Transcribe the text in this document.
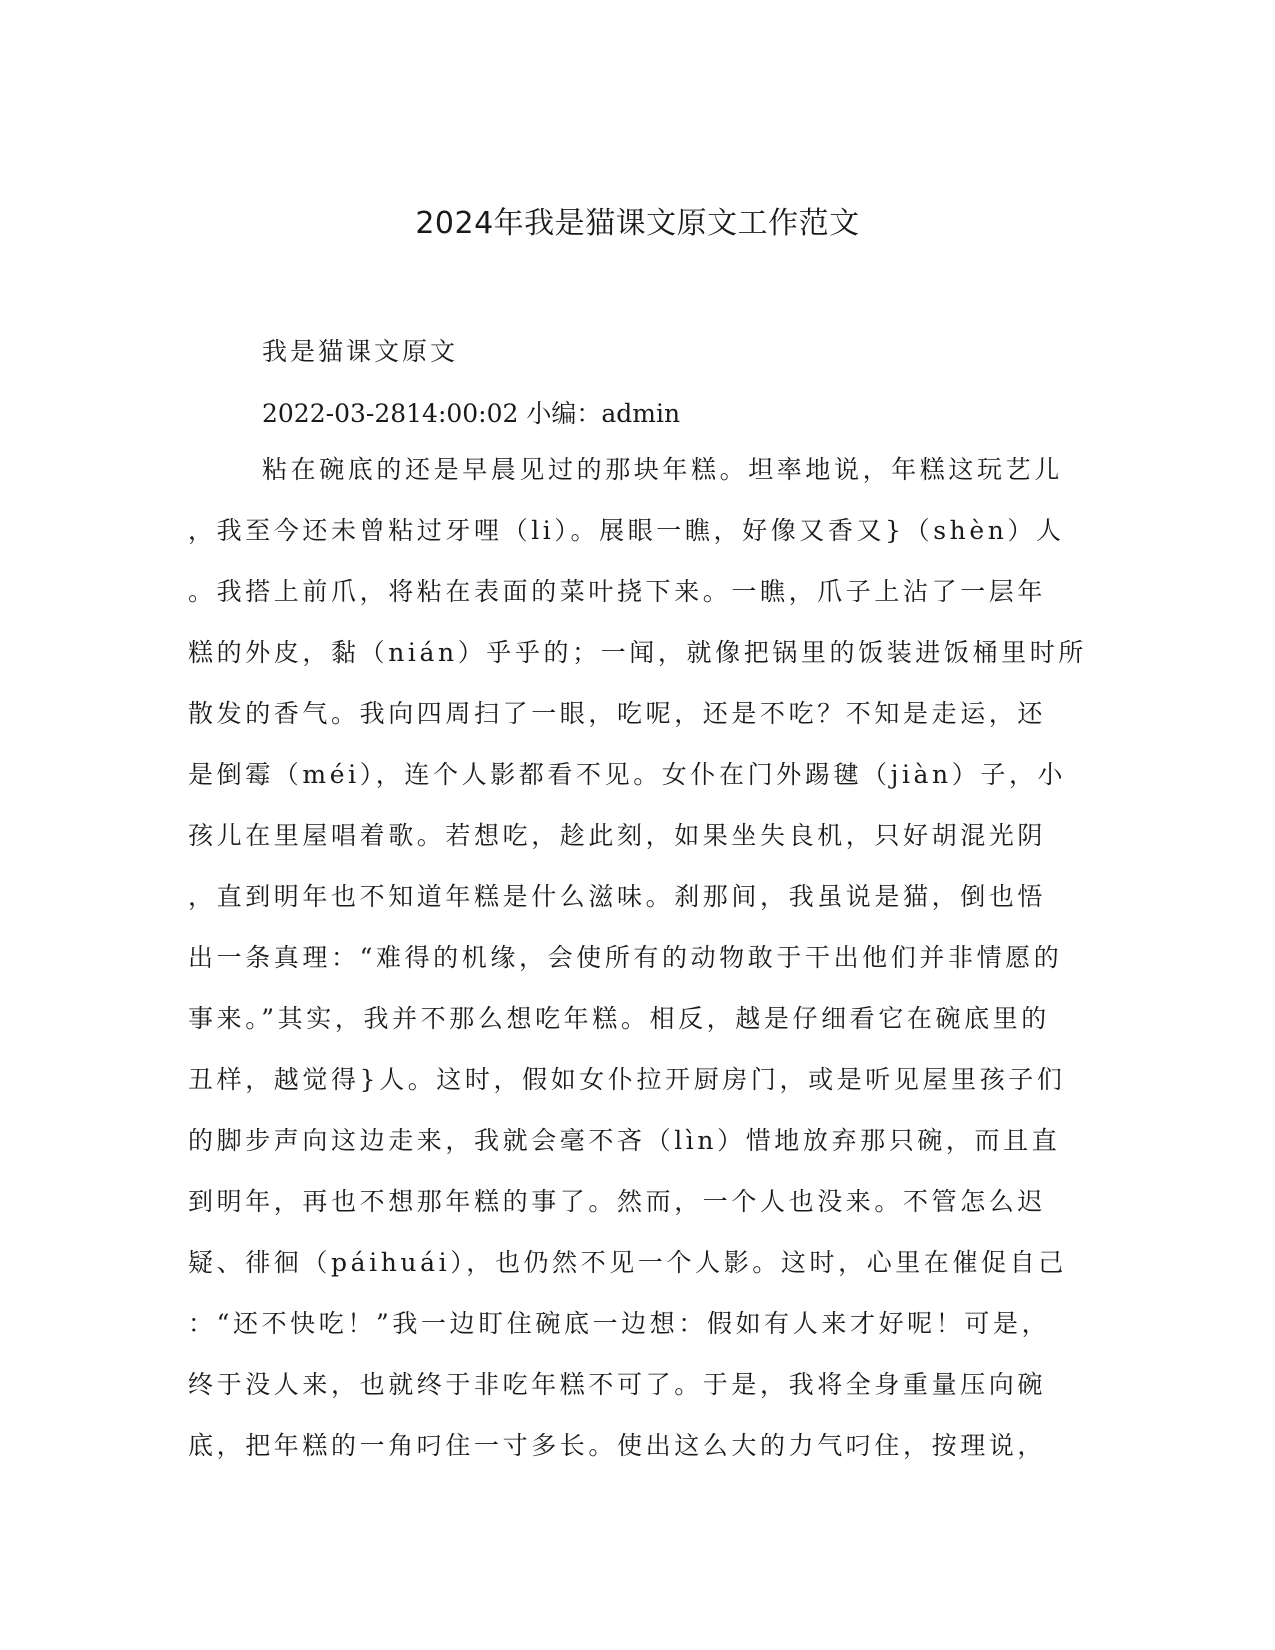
2024年我是猫课文原文工作范文
我是猫课文原文
2022-03-2814:00:02 小编：admin
粘在碗底的还是早晨见过的那块年糕。坦率地说，年糕这玩艺儿
，我至今还未曾粘过牙哩（li）。展眼一瞧，好像又香又}（shèn）人
。我搭上前爪，将粘在表面的菜叶挠下来。一瞧，爪子上沾了一层年
糕的外皮，黏（nián）乎乎的；一闻，就像把锅里的饭装进饭桶里时所
散发的香气。我向四周扫了一眼，吃呢，还是不吃？不知是走运，还
是倒霉（méi），连个人影都看不见。女仆在门外踢毽（jiàn）子，小
孩儿在里屋唱着歌。若想吃，趁此刻，如果坐失良机，只好胡混光阴
，直到明年也不知道年糕是什么滋味。刹那间，我虽说是猫，倒也悟
出一条真理：“难得的机缘，会使所有的动物敢于干出他们并非情愿的
事来。”其实，我并不那么想吃年糕。相反，越是仔细看它在碗底里的
丑样，越觉得}人。这时，假如女仆拉开厨房门，或是听见屋里孩子们
的脚步声向这边走来，我就会毫不吝（lìn）惜地放弃那只碗，而且直
到明年，再也不想那年糕的事了。然而，一个人也没来。不管怎么迟
疑、徘徊（páihuái），也仍然不见一个人影。这时，心里在催促自己
：“还不快吃！”我一边盯住碗底一边想：假如有人来才好呢！可是，
终于没人来，也就终于非吃年糕不可了。于是，我将全身重量压向碗
底，把年糕的一角叼住一寸多长。使出这么大的力气叼住，按理说，
